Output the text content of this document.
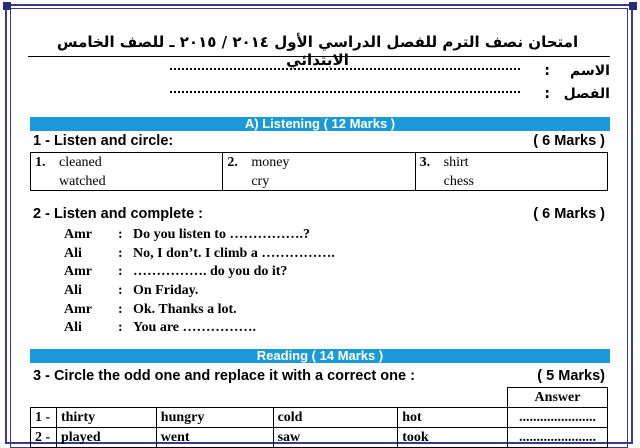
امتحان نصف الترم للفصل الدراسي الأول ٢٠١٤ / ٢٠١٥ ـ للصف الخامس الابتدائي
الاسم
:
الفصل
:
A) Listening ( 12 Marks )
1 - Listen and circle:	( 6 Marks )
1. cleaned
watched
2. money
cry
3. shirt
chess
2 - Listen and complete :	( 6 Marks )
Amr : Do you listen to …………….?
Ali	: No, I don’t. I climb a …………….
Amr : ……………. do you do it?
Ali	: On Friday.
Amr : Ok. Thanks a lot.
Ali	: You are …………….
Reading ( 14 Marks )
3 - Circle the odd one and replace it with a correct one :	( 5 Marks)
					Answer
1 -	thirty	hungry	cold	hot	......................
2 -	played	went	saw	took	......................
